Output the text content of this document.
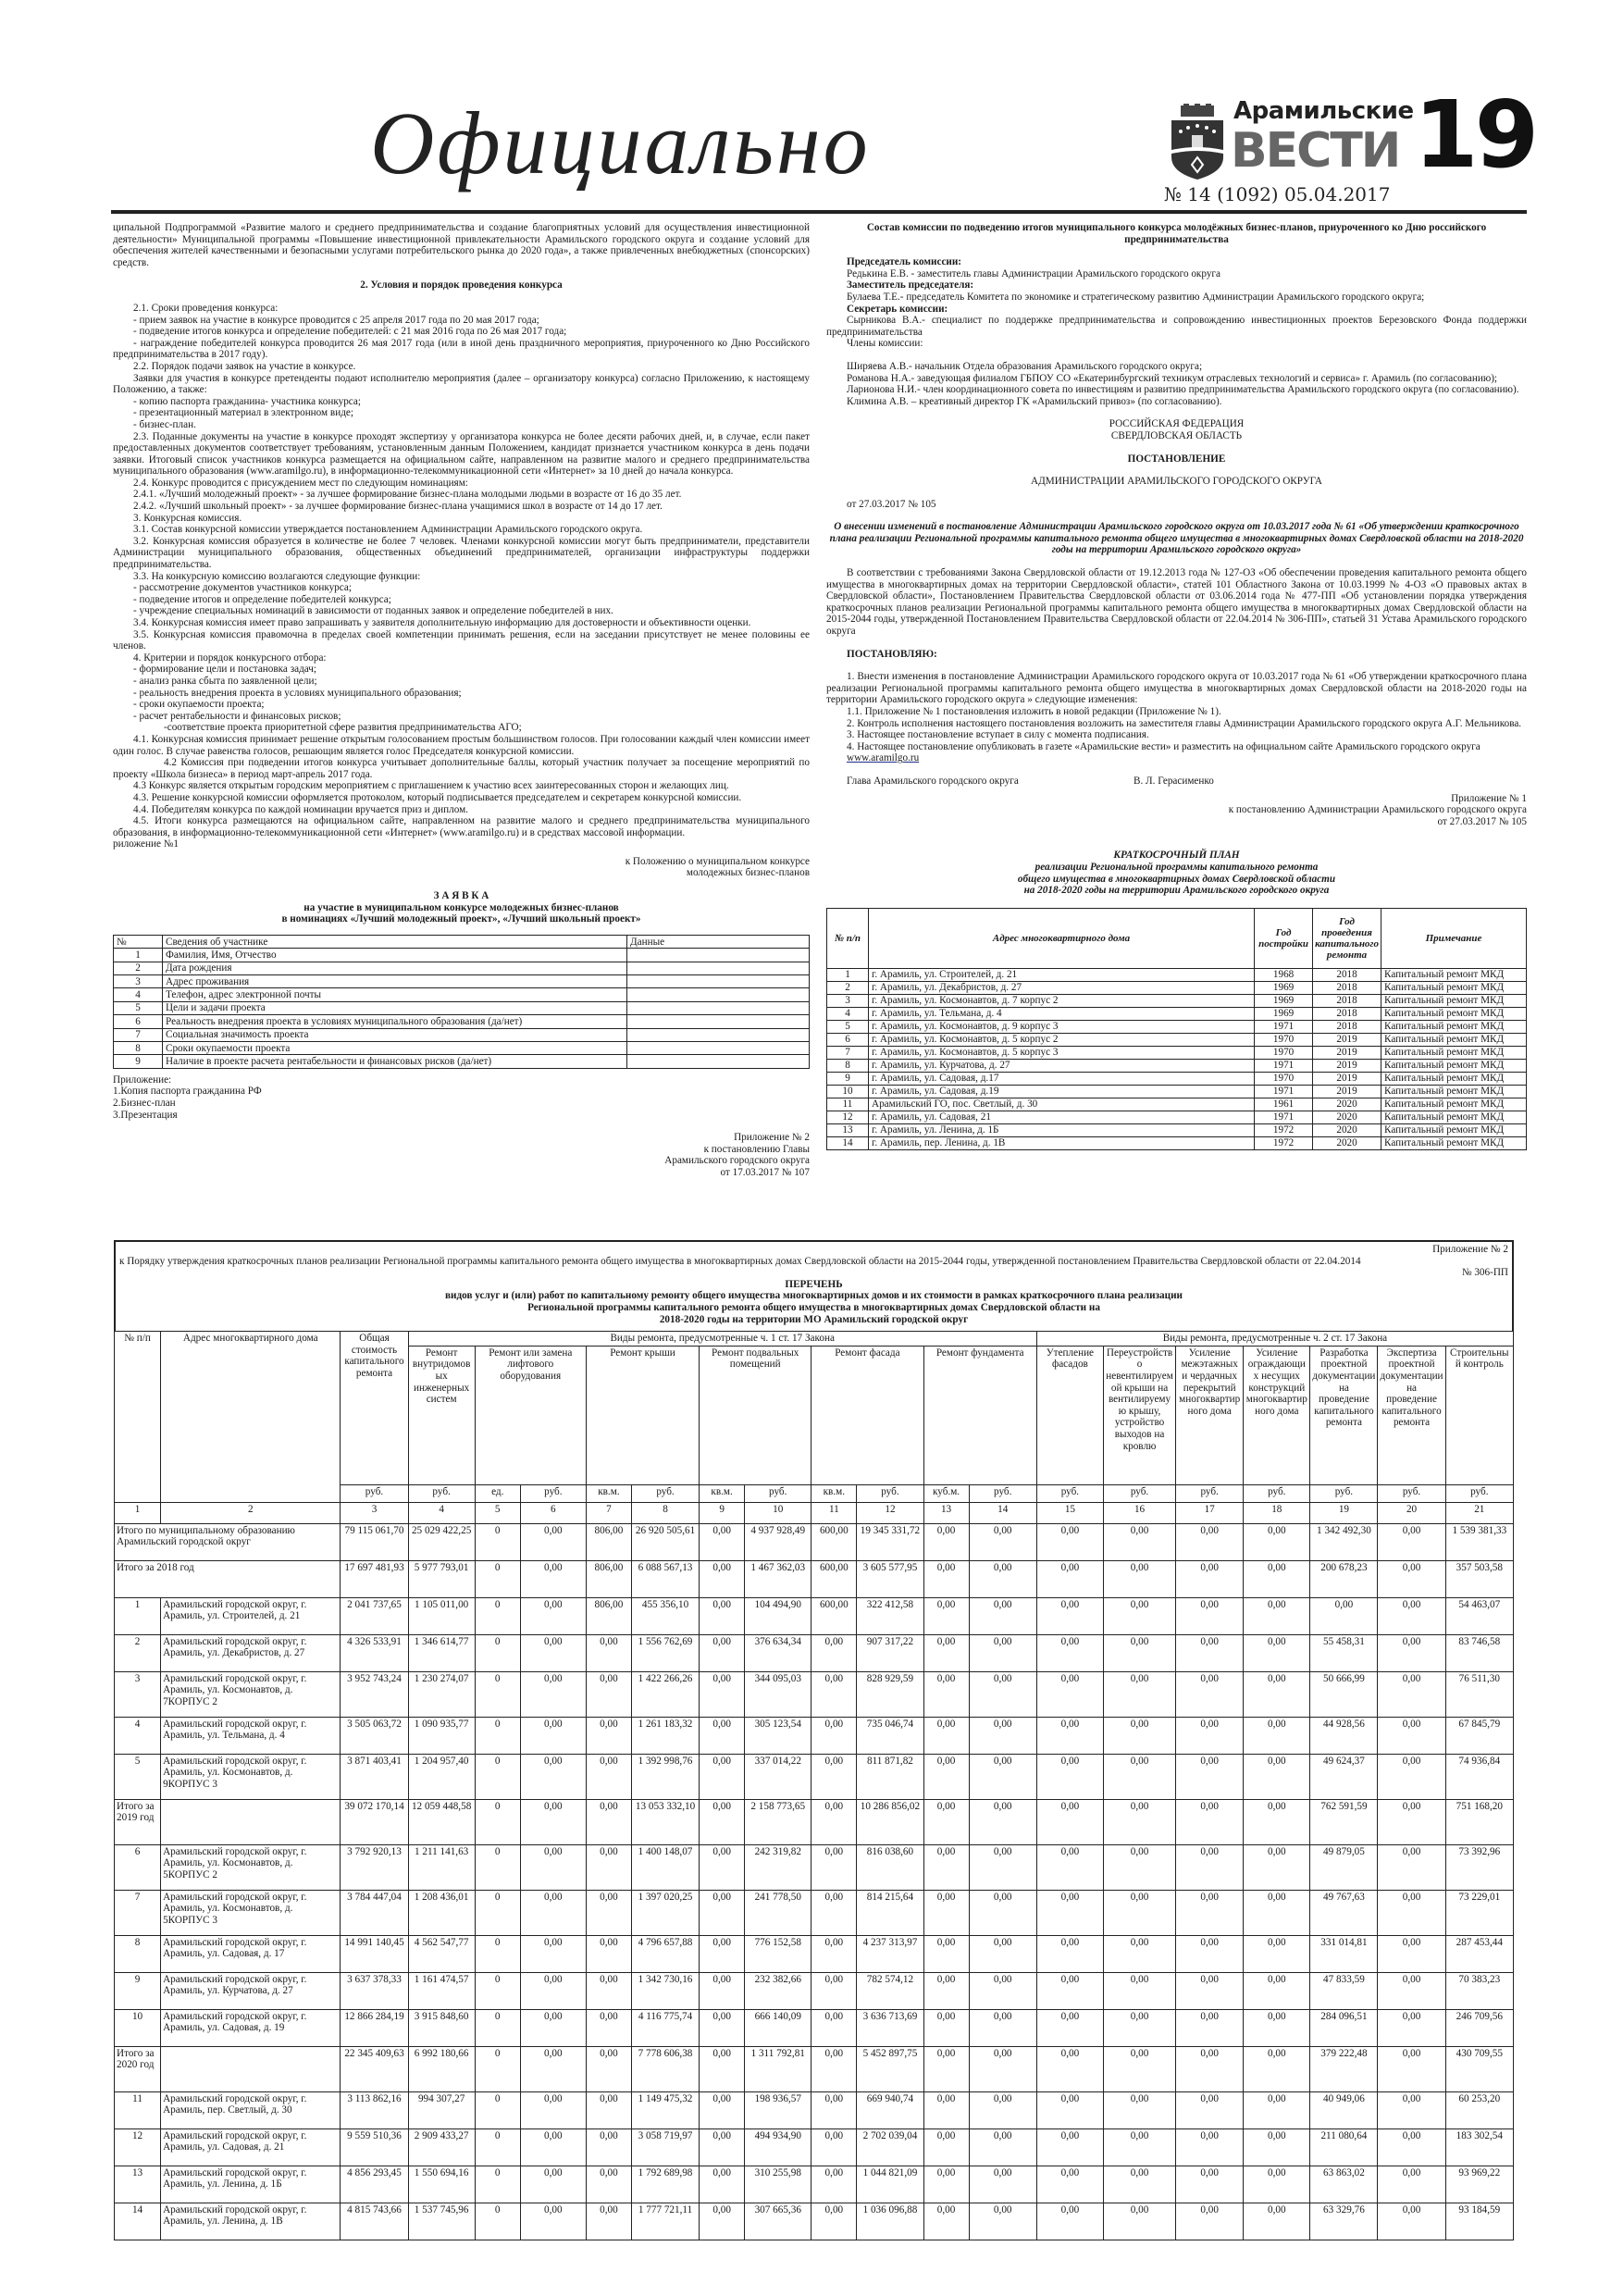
Официально	Арамильские
ВЕСТИ 19
№ 14 (1092) 05.04.2017
ципальной Подпрограммой «Развитие малого и среднего предпринимательства и создание благоприятных условий для осуществления инвестиционной деятельности» Муниципальной программы «Повышение инвестиционной привлекательности Арамильского городского округа и создание условий для обеспечения жителей качественными и безопасными услугами потребительского рынка до 2020 года», а также привлеченных внебюджетных (спонсорских) средств.
2. Условия и порядок проведения конкурса
2.1. Сроки проведения конкурса:
- прием заявок на участие в конкурсе проводится с 25 апреля 2017 года по 20 мая 2017 года;
- подведение итогов конкурса и определение победителей: с 21 мая 2016 года по 26 мая 2017 года;
- награждение победителей конкурса проводится 26 мая 2017 года (или в иной день праздничного мероприятия, приуроченного ко Дню Российского предпринимательства в 2017 году).
2.2. Порядок подачи заявок на участие в конкурсе.
Заявки для участия в конкурсе претенденты подают исполнителю мероприятия (далее – организатору конкурса) согласно Приложению, к настоящему Положению, а также:
- копию паспорта гражданина- участника конкурса;
- презентационный материал в электронном виде;
- бизнес-план.
2.3. Поданные документы на участие в конкурсе проходят экспертизу у организатора конкурса не более десяти рабочих дней, и, в случае, если пакет предоставленных документов соответствует требованиям, установленным данным Положением, кандидат признается участником конкурса в день подачи заявки. Итоговый список участников конкурса размещается на официальном сайте, направленном на развитие малого и среднего предпринимательства муниципального образования (www.aramilgo.ru), в информационно-телекоммуникационной сети «Интернет» за 10 дней до начала конкурса.
2.4. Конкурс проводится с присуждением мест по следующим номинациям:
2.4.1. «Лучший молодежный проект» - за лучшее формирование бизнес-плана молодыми людьми в возрасте от 16 до 35 лет.
2.4.2. «Лучший школьный проект» - за лучшее формирование бизнес-плана учащимися школ в возрасте от 14 до 17 лет.
3. Конкурсная комиссия.
3.1. Состав конкурсной комиссии утверждается постановлением Администрации Арамильского городского округа.
3.2. Конкурсная комиссия образуется в количестве не более 7 человек. Членами конкурсной комиссии могут быть предприниматели, представители Администрации муниципального образования, общественных объединений предпринимателей, организации инфраструктуры поддержки предпринимательства.
3.3. На конкурсную комиссию возлагаются следующие функции:
- рассмотрение документов участников конкурса;
- подведение итогов и определение победителей конкурса;
- учреждение специальных номинаций в зависимости от поданных заявок и определение победителей в них.
3.4. Конкурсная комиссия имеет право запрашивать у заявителя дополнительную информацию для достоверности и объективности оценки.
3.5. Конкурсная комиссия правомочна в пределах своей компетенции принимать решения, если на заседании присутствует не менее половины ее членов.
4. Критерии и порядок конкурсного отбора:
- формирование цели и постановка задач;
- анализ ранка сбыта по заявленной цели;
- реальность внедрения проекта в условиях муниципального образования;
- сроки окупаемости проекта;
- расчет рентабельности и финансовых рисков;
-соответствие проекта приоритетной сфере развития предпринимательства АГО;
4.1. Конкурсная комиссия принимает решение открытым голосованием простым большинством голосов. При голосовании каждый член комиссии имеет один голос. В случае равенства голосов, решающим является голос Председателя конкурсной комиссии.
4.2 Комиссия при подведении итогов конкурса учитывает дополнительные баллы, который участник получает за посещение мероприятий по проекту «Школа бизнеса» в период март-апрель 2017 года.
4.3 Конкурс является открытым городским мероприятием с приглашением к участию всех заинтересованных сторон и желающих лиц.
4.3. Решение конкурсной комиссии оформляется протоколом, который подписывается председателем и секретарем конкурсной комиссии.
4.4. Победителям конкурса по каждой номинации вручается приз и диплом.
4.5. Итоги конкурса размещаются на официальном сайте, направленном на развитие малого и среднего предпринимательства муниципального образования, в информационно-телекоммуникационной сети «Интернет» (www.aramilgo.ru) и в средствах массовой информации.
риложение №1
к Положению о муниципальном конкурсе
молодежных бизнес-планов
З А Я В К А
на участие в муниципальном конкурсе молодежных бизнес-планов
в номинациях «Лучший молодежный проект», «Лучший школьный проект»
№	Сведения об участнике	Данные
1	Фамилия, Имя, Отчество	
2	Дата рождения	
3	Адрес проживания	
4	Телефон, адрес электронной почты	
5	Цели и задачи проекта	
6	Реальность внедрения проекта в условиях муниципального образования (да/нет)	
7	Социальная значимость проекта	
8	Сроки окупаемости проекта	
9	Наличие в проекте расчета рентабельности и финансовых рисков (да/нет)	
Приложение:
1.Копия паспорта гражданина РФ
2.Бизнес-план
3.Презентация
Приложение № 2
к постановлению Главы
Арамильского городского округа
от 17.03.2017 № 107
Состав комиссии по подведению итогов муниципального конкурса молодёжных бизнес-планов, приуроченного ко Дню российского предпринимательства
Председатель комиссии:
Редькина Е.В. - заместитель главы Администрации Арамильского городского округа
Заместитель председателя:
Булаева Т.Е.- председатель Комитета по экономике и стратегическому развитию Администрации Арамильского городского округа;
Секретарь комиссии:
Сырникова В.А.- специалист по поддержке предпринимательства и сопровождению инвестиционных проектов Березовского Фонда поддержки предпринимательства
Члены комиссии:
Ширяева А.В.- начальник Отдела образования Арамильского городского округа;
Романова Н.А.- заведующая филиалом ГБПОУ СО «Екатеринбургский техникум отраслевых технологий и сервиса» г. Арамиль (по согласованию);
Ларионова Н.И.- член координационного совета по инвестициям и развитию предпринимательства Арамильского городского округа (по согласованию).
Климина А.В. – креативный директор ГК «Арамильский привоз» (по согласованию).
РОССИЙСКАЯ ФЕДЕРАЦИЯ
СВЕРДЛОВСКАЯ ОБЛАСТЬ
ПОСТАНОВЛЕНИЕ
АДМИНИСТРАЦИИ АРАМИЛЬСКОГО ГОРОДСКОГО ОКРУГА
от 27.03.2017 № 105
О внесении изменений в постановление Администрации Арамильского городского округа от 10.03.2017 года № 61 «Об утверждении краткосрочного плана реализации Региональной программы капитального ремонта общего имущества в многоквартирных домах Свердловской области на 2018-2020 годы на территории Арамильского городского округа»
В соответствии с требованиями Закона Свердловской области от 19.12.2013 года № 127-ОЗ «Об обеспечении проведения капитального ремонта общего имущества в многоквартирных домах на территории Свердловской области», статей 101 Областного Закона от 10.03.1999 № 4-ОЗ «О правовых актах в Свердловской области», Постановлением Правительства Свердловской области от 03.06.2014 года № 477-ПП «Об установлении порядка утверждения краткосрочных планов реализации Региональной программы капитального ремонта общего имущества в многоквартирных домах Свердловской области на 2015-2044 годы, утвержденной Постановлением Правительства Свердловской области от 22.04.2014 № 306-ПП», статьей 31 Устава Арамильского городского округа
ПОСТАНОВЛЯЮ:
1. Внести изменения в постановление Администрации Арамильского городского округа от 10.03.2017 года № 61 «Об утверждении краткосрочного плана реализации Региональной программы капитального ремонта общего имущества в многоквартирных домах Свердловской области на 2018-2020 годы на территории Арамильского городского округа » следующие изменения:
1.1. Приложение № 1 постановления изложить в новой редакции (Приложение № 1).
2. Контроль исполнения настоящего постановления возложить на заместителя главы Администрации Арамильского городского округа А.Г. Мельникова.
3. Настоящее постановление вступает в силу с момента подписания.
4. Настоящее постановление опубликовать в газете «Арамильские вести» и разместить на официальном сайте Арамильского городского округа
www.aramilgo.ru
Глава Арамильского городского округа	В. Л. Герасименко
Приложение № 1
к постановлению Администрации Арамильского городского округа
от 27.03.2017 № 105
КРАТКОСРОЧНЫЙ ПЛАН
реализации Региональной программы капитального ремонта
общего имущества в многоквартирных домах Свердловской области
на 2018-2020 годы на территории Арамильского городского округа
№ п/п	Адрес многоквартирного дома	Год постройки	Год проведения капитального ремонта	Примечание
1	г. Арамиль, ул. Строителей, д. 21	1968	2018	Капитальный ремонт МКД
2	г. Арамиль, ул. Декабристов, д. 27	1969	2018	Капитальный ремонт МКД
3	г. Арамиль, ул. Космонавтов, д. 7 корпус 2	1969	2018	Капитальный ремонт МКД
4	г. Арамиль, ул. Тельмана, д. 4	1969	2018	Капитальный ремонт МКД
5	г. Арамиль, ул. Космонавтов, д. 9 корпус 3	1971	2018	Капитальный ремонт МКД
6	г. Арамиль, ул. Космонавтов, д. 5 корпус 2	1970	2019	Капитальный ремонт МКД
7	г. Арамиль, ул. Космонавтов, д. 5 корпус 3	1970	2019	Капитальный ремонт МКД
8	г. Арамиль, ул. Курчатова, д. 27	1971	2019	Капитальный ремонт МКД
9	г. Арамиль, ул. Садовая, д.17	1970	2019	Капитальный ремонт МКД
10	г. Арамиль, ул. Садовая, д.19	1971	2019	Капитальный ремонт МКД
11	Арамильский ГО, пос. Светлый, д. 30	1961	2020	Капитальный ремонт МКД
12	г. Арамиль, ул. Садовая, 21	1971	2020	Капитальный ремонт МКД
13	г. Арамиль, ул. Ленина, д. 1Б	1972	2020	Капитальный ремонт МКД
14	г. Арамиль, пер. Ленина, д. 1В	1972	2020	Капитальный ремонт МКД
Приложение № 2
к Порядку утверждения краткосрочных планов реализации Региональной программы капитального ремонта общего имущества в многоквартирных домах Свердловской области на 2015-2044 годы, утвержденной постановлением Правительства Свердловской области от 22.04.2014
№ 306-ПП
ПЕРЕЧЕНЬ
видов услуг и (или) работ по капитальному ремонту общего имущества многоквартирных домов и их стоимости в рамках краткосрочного плана реализации
Региональной программы капитального ремонта общего имущества в многоквартирных домах Свердловской области на
2018-2020 годы на территории МО Арамильский городской округ
№ п/п	Адрес многоквартирного дома	Общая стоимость капитального ремонта	Виды ремонта, предусмотренные ч. 1 ст. 17 Закона											Виды ремонта, предусмотренные ч. 2 ст. 17 Закона						
			Ремонт внутридомовых инженерных систем	Ремонт или замена лифтового оборудования		Ремонт крыши		Ремонт подвальных помещений		Ремонт фасада		Ремонт фундамента		Утепление фасадов	Переустройство невентилируемой крыши на вентилируемую крышу, устройство выходов на кровлю	Усиление межэтажных и чердачных перекрытий многоквартирного дома	Усиление ограждающих несущих конструкций многоквартирного дома	Разработка проектной документации на проведение капитального ремонта	Экспертиза проектной документации на проведение капитального ремонта	Строительный контроль
		руб.	руб.	ед.	руб.	кв.м.	руб.	кв.м.	руб.	кв.м.	руб.	куб.м.	руб.	руб.	руб.	руб.	руб.	руб.	руб.	руб.
1	2	3	4	5	6	7	8	9	10	11	12	13	14	15	16	17	18	19	20	21
Итого по муниципальному образованию Арамильский городской округ		79 115 061,70	25 029 422,25	0	0,00	806,00	26 920 505,61	0,00	4 937 928,49	600,00	19 345 331,72	0,00	0,00	0,00	0,00	0,00	0,00	1 342 492,30	0,00	1 539 381,33
Итого за 2018 год		17 697 481,93	5 977 793,01	0	0,00	806,00	6 088 567,13	0,00	1 467 362,03	600,00	3 605 577,95	0,00	0,00	0,00	0,00	0,00	0,00	200 678,23	0,00	357 503,58
1	Арамильский городской округ, г. Арамиль, ул. Строителей, д. 21	2 041 737,65	1 105 011,00	0	0,00	806,00	455 356,10	0,00	104 494,90	600,00	322 412,58	0,00	0,00	0,00	0,00	0,00	0,00	0,00	0,00	54 463,07
2	Арамильский городской округ, г. Арамиль, ул. Декабристов, д. 27	4 326 533,91	1 346 614,77	0	0,00	0,00	1 556 762,69	0,00	376 634,34	0,00	907 317,22	0,00	0,00	0,00	0,00	0,00	0,00	55 458,31	0,00	83 746,58
3	Арамильский городской округ, г. Арамиль, ул. Космонавтов, д. 7КОРПУС 2	3 952 743,24	1 230 274,07	0	0,00	0,00	1 422 266,26	0,00	344 095,03	0,00	828 929,59	0,00	0,00	0,00	0,00	0,00	0,00	50 666,99	0,00	76 511,30
4	Арамильский городской округ, г. Арамиль, ул. Тельмана, д. 4	3 505 063,72	1 090 935,77	0	0,00	0,00	1 261 183,32	0,00	305 123,54	0,00	735 046,74	0,00	0,00	0,00	0,00	0,00	0,00	44 928,56	0,00	67 845,79
5	Арамильский городской округ, г. Арамиль, ул. Космонавтов, д. 9КОРПУС 3	3 871 403,41	1 204 957,40	0	0,00	0,00	1 392 998,76	0,00	337 014,22	0,00	811 871,82	0,00	0,00	0,00	0,00	0,00	0,00	49 624,37	0,00	74 936,84
Итого за 2019 год		39 072 170,14	12 059 448,58	0	0,00	0,00	13 053 332,10	0,00	2 158 773,65	0,00	10 286 856,02	0,00	0,00	0,00	0,00	0,00	0,00	762 591,59	0,00	751 168,20
6	Арамильский городской округ, г. Арамиль, ул. Космонавтов, д. 5КОРПУС 2	3 792 920,13	1 211 141,63	0	0,00	0,00	1 400 148,07	0,00	242 319,82	0,00	816 038,60	0,00	0,00	0,00	0,00	0,00	0,00	49 879,05	0,00	73 392,96
7	Арамильский городской округ, г. Арамиль, ул. Космонавтов, д. 5КОРПУС 3	3 784 447,04	1 208 436,01	0	0,00	0,00	1 397 020,25	0,00	241 778,50	0,00	814 215,64	0,00	0,00	0,00	0,00	0,00	0,00	49 767,63	0,00	73 229,01
8	Арамильский городской округ, г. Арамиль, ул. Садовая, д. 17	14 991 140,45	4 562 547,77	0	0,00	0,00	4 796 657,88	0,00	776 152,58	0,00	4 237 313,97	0,00	0,00	0,00	0,00	0,00	0,00	331 014,81	0,00	287 453,44
9	Арамильский городской округ, г. Арамиль, ул. Курчатова, д. 27	3 637 378,33	1 161 474,57	0	0,00	0,00	1 342 730,16	0,00	232 382,66	0,00	782 574,12	0,00	0,00	0,00	0,00	0,00	0,00	47 833,59	0,00	70 383,23
10	Арамильский городской округ, г. Арамиль, ул. Садовая, д. 19	12 866 284,19	3 915 848,60	0	0,00	0,00	4 116 775,74	0,00	666 140,09	0,00	3 636 713,69	0,00	0,00	0,00	0,00	0,00	0,00	284 096,51	0,00	246 709,56
Итого за 2020 год		22 345 409,63	6 992 180,66	0	0,00	0,00	7 778 606,38	0,00	1 311 792,81	0,00	5 452 897,75	0,00	0,00	0,00	0,00	0,00	0,00	379 222,48	0,00	430 709,55
11	Арамильский городской округ, г. Арамиль, пер. Светлый, д. 30	3 113 862,16	994 307,27	0	0,00	0,00	1 149 475,32	0,00	198 936,57	0,00	669 940,74	0,00	0,00	0,00	0,00	0,00	0,00	40 949,06	0,00	60 253,20
12	Арамильский городской округ, г. Арамиль, ул. Садовая, д. 21	9 559 510,36	2 909 433,27	0	0,00	0,00	3 058 719,97	0,00	494 934,90	0,00	2 702 039,04	0,00	0,00	0,00	0,00	0,00	0,00	211 080,64	0,00	183 302,54
13	Арамильский городской округ, г. Арамиль, ул. Ленина, д. 1Б	4 856 293,45	1 550 694,16	0	0,00	0,00	1 792 689,98	0,00	310 255,98	0,00	1 044 821,09	0,00	0,00	0,00	0,00	0,00	0,00	63 863,02	0,00	93 969,22
14	Арамильский городской округ, г. Арамиль, ул. Ленина, д. 1В	4 815 743,66	1 537 745,96	0	0,00	0,00	1 777 721,11	0,00	307 665,36	0,00	1 036 096,88	0,00	0,00	0,00	0,00	0,00	0,00	63 329,76	0,00	93 184,59
